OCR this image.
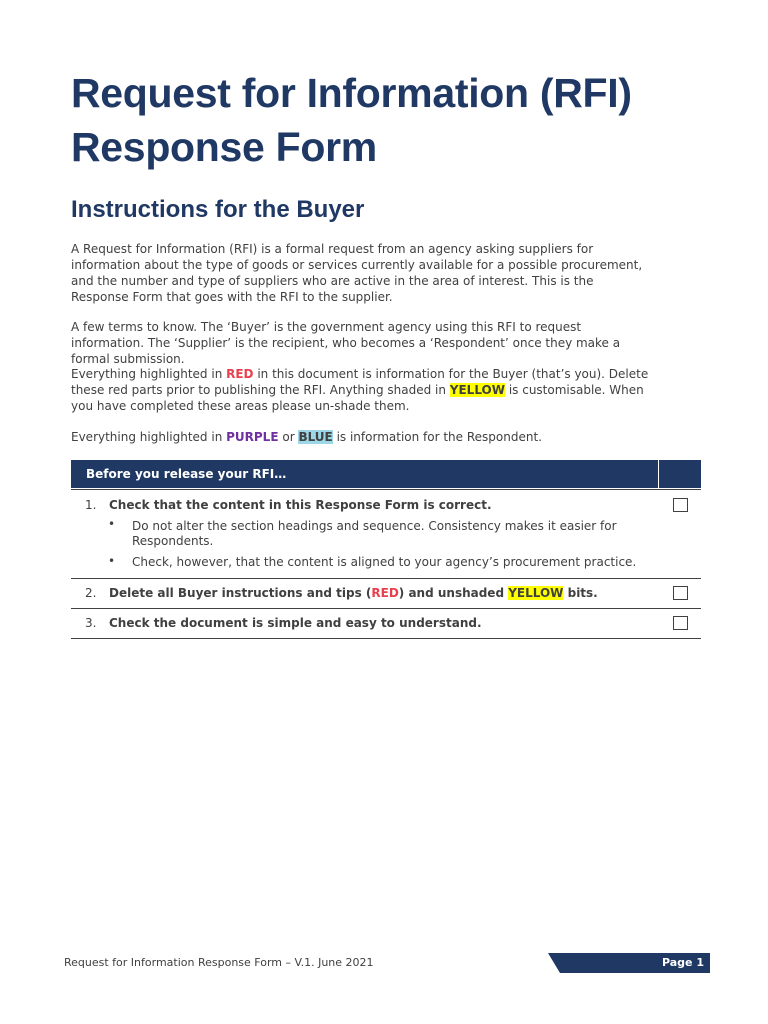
Request for Information (RFI)
Response Form
Instructions for the Buyer

A Request for Information (RFI) is a formal request from an agency asking suppliers for information about the type of goods or services currently available for a possible procurement, and the number and type of suppliers who are active in the area of interest. This is the Response Form that goes with the RFI to the supplier.

A few terms to know. The ‘Buyer’ is the government agency using this RFI to request information. The ‘Supplier’ is the recipient, who becomes a ‘Respondent’ once they make a formal submission.

Everything highlighted in RED in this document is information for the Buyer (that’s you). Delete these red parts prior to publishing the RFI. Anything shaded in YELLOW is customisable. When you have completed these areas please un-shade them.

Everything highlighted in PURPLE or BLUE is information for the Respondent.

Before you release your RFI…
1. Check that the content in this Response Form is correct.
• Do not alter the section headings and sequence. Consistency makes it easier for Respondents.
• Check, however, that the content is aligned to your agency’s procurement practice.
2. Delete all Buyer instructions and tips (RED) and unshaded YELLOW bits.
3. Check the document is simple and easy to understand.
Request for Information Response Form – V.1. June 2021	Page 1
